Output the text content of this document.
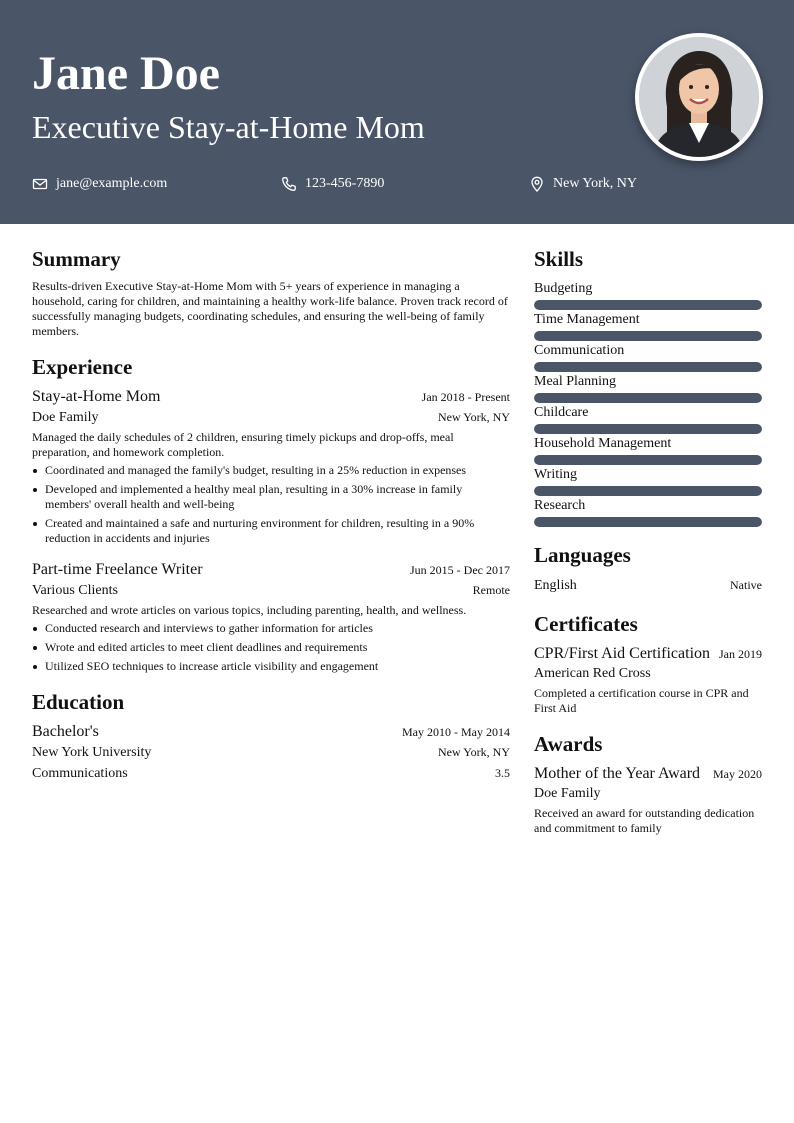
Jane Doe
Executive Stay-at-Home Mom
jane@example.com	123-456-7890	New York, NY
Summary

Results-driven Executive Stay-at-Home Mom with 5+ years of experience in managing a household, caring for children, and maintaining a healthy work-life balance. Proven track record of successfully managing budgets, coordinating schedules, and ensuring the well-being of family members.

Experience
Stay-at-Home Mom	Jan 2018 - Present
Doe Family	New York, NY

Managed the daily schedules of 2 children, ensuring timely pickups and drop-offs, meal preparation, and homework completion.

Coordinated and managed the family's budget, resulting in a 25% reduction in expenses
Developed and implemented a healthy meal plan, resulting in a 30% increase in family members' overall health and well-being
Created and maintained a safe and nurturing environment for children, resulting in a 90% reduction in accidents and injuries
Part-time Freelance Writer	Jun 2015 - Dec 2017
Various Clients	Remote

Researched and wrote articles on various topics, including parenting, health, and wellness.

Conducted research and interviews to gather information for articles
Wrote and edited articles to meet client deadlines and requirements
Utilized SEO techniques to increase article visibility and engagement
Education
Bachelor's	May 2010 - May 2014
New York University	New York, NY
Communications	3.5
Skills
Budgeting
Time Management
Communication
Meal Planning
Childcare
Household Management
Writing
Research
Languages
English	Native
Certificates
CPR/First Aid Certification Jan 2019
American Red Cross

Completed a certification course in CPR and First Aid

Awards
Mother of the Year Award May 2020
Doe Family

Received an award for outstanding dedication and commitment to family
